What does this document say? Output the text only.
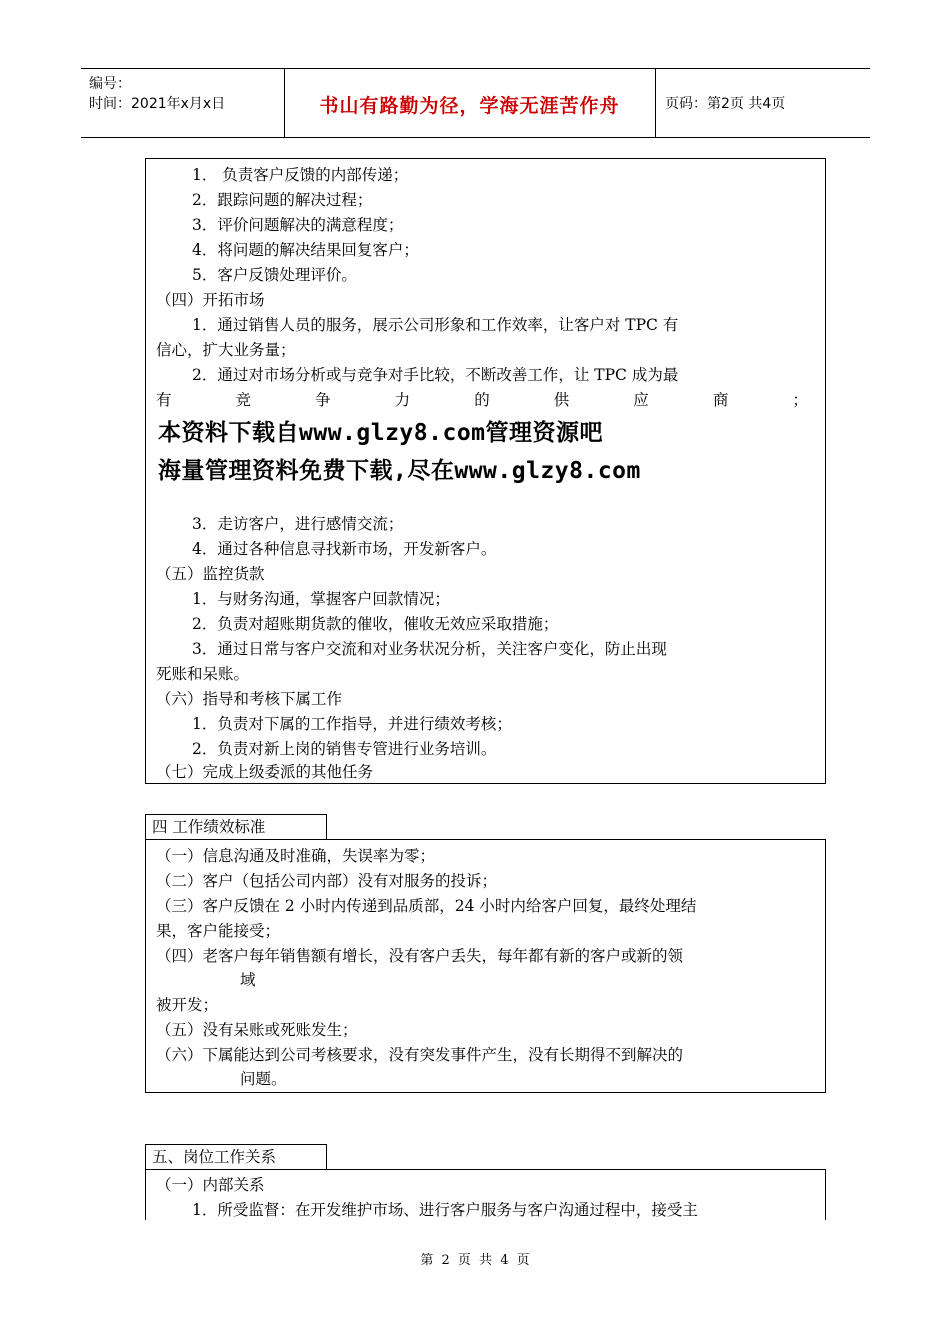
编号：
时间：2021年x月x日	书山有路勤为径，学海无涯苦作舟	页码：第2页 共4页
1． 负责客户反馈的内部传递；
2．跟踪问题的解决过程；
3．评价问题解决的满意程度；
4．将问题的解决结果回复客户；
5．客户反馈处理评价。
（四）开拓市场
1．通过销售人员的服务，展示公司形象和工作效率，让客户对 TPC 有
信心，扩大业务量；
2．通过对市场分析或与竞争对手比较，不断改善工作，让 TPC 成为最
有	竞	争	力	的	供	应	商	；
本资料下载自www.glzy8.com管理资源吧
海量管理资料免费下载,尽在www.glzy8.com
3．走访客户，进行感情交流；
4．通过各种信息寻找新市场，开发新客户。
（五）监控货款
1．与财务沟通，掌握客户回款情况；
2．负责对超账期货款的催收，催收无效应采取措施；
3．通过日常与客户交流和对业务状况分析，关注客户变化，防止出现
死账和呆账。
（六）指导和考核下属工作
1．负责对下属的工作指导，并进行绩效考核；
2．负责对新上岗的销售专管进行业务培训。
（七）完成上级委派的其他任务
四 工作绩效标准
（一）信息沟通及时准确，失误率为零；
（二）客户（包括公司内部）没有对服务的投诉；
（三）客户反馈在 2 小时内传递到品质部，24 小时内给客户回复，最终处理结
果，客户能接受；
（四）老客户每年销售额有增长，没有客户丢失，每年都有新的客户或新的领
域
被开发；
（五）没有呆账或死账发生；
（六）下属能达到公司考核要求，没有突发事件产生，没有长期得不到解决的
问题。
五、岗位工作关系
（一）内部关系
1．所受监督：在开发维护市场、进行客户服务与客户沟通过程中，接受主
第 2 页 共 4 页
